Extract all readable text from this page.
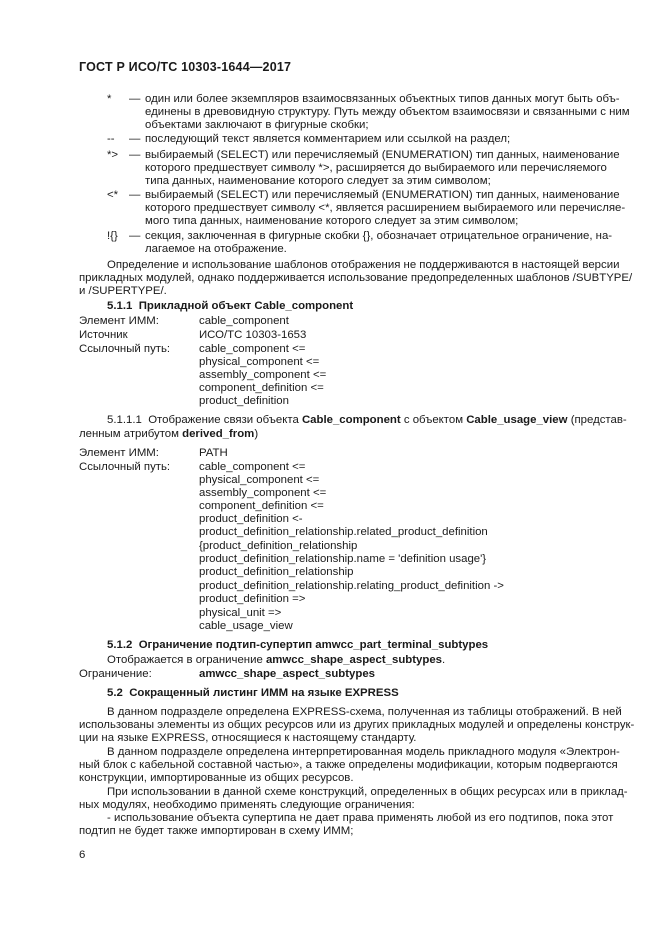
ГОСТ Р ИСО/ТС 10303-1644—2017
* — один или более экземпляров взаимосвязанных объектных типов данных могут быть объ-
единены в древовидную структуру. Путь между объектом взаимосвязи и связанными с ним
объектами заключают в фигурные скобки;
-- — последующий текст является комментарием или ссылкой на раздел;
*> — выбираемый (SELECT) или перечисляемый (ENUMERATION) тип данных, наименование
которого предшествует символу *>, расширяется до выбираемого или перечисляемого
типа данных, наименование которого следует за этим символом;
<* — выбираемый (SELECT) или перечисляемый (ENUMERATION) тип данных, наименование
которого предшествует символу <*, является расширением выбираемого или перечисляе-
мого типа данных, наименование которого следует за этим символом;
!{} — секция, заключенная в фигурные скобки {}, обозначает отрицательное ограничение, на-
лагаемое на отображение.
Определение и использование шаблонов отображения не поддерживаются в настоящей версии
прикладных модулей, однако поддерживается использование предопределенных шаблонов /SUBTYPE/
и /SUPERTYPE/.
5.1.1 Прикладной объект Cable_component
Элемент ИММ:	cable_component
Источник	ИСО/ТС 10303-1653
Ссылочный путь:	cable_component <=
physical_component <=
assembly_component <=
component_definition <=
product_definition
5.1.1.1 Отображение связи объекта Cable_component с объектом Cable_usage_view (представ-
ленным атрибутом derived_from)
Элемент ИММ:	PATH
Ссылочный путь:	cable_component <=
physical_component <=
assembly_component <=
component_definition <=
product_definition <-
product_definition_relationship.related_product_definition
{product_definition_relationship
product_definition_relationship.name = 'definition usage'}
product_definition_relationship
product_definition_relationship.relating_product_definition ->
product_definition =>
physical_unit =>
cable_usage_view
5.1.2 Ограничение подтип-супертип amwcc_part_terminal_subtypes
Отображается в ограничение amwcc_shape_aspect_subtypes.
Ограничение:	amwcc_shape_aspect_subtypes
5.2 Сокращенный листинг ИММ на языке EXPRESS
В данном подразделе определена EXPRESS-схема, полученная из таблицы отображений. В ней
использованы элементы из общих ресурсов или из других прикладных модулей и определены конструк-
ции на языке EXPRESS, относящиеся к настоящему стандарту.
В данном подразделе определена интерпретированная модель прикладного модуля «Электрон-
ный блок с кабельной составной частью», а также определены модификации, которым подвергаются
конструкции, импортированные из общих ресурсов.
При использовании в данной схеме конструкций, определенных в общих ресурсах или в приклад-
ных модулях, необходимо применять следующие ограничения:
- использование объекта супертипа не дает права применять любой из его подтипов, пока этот
подтип не будет также импортирован в схему ИММ;
6
